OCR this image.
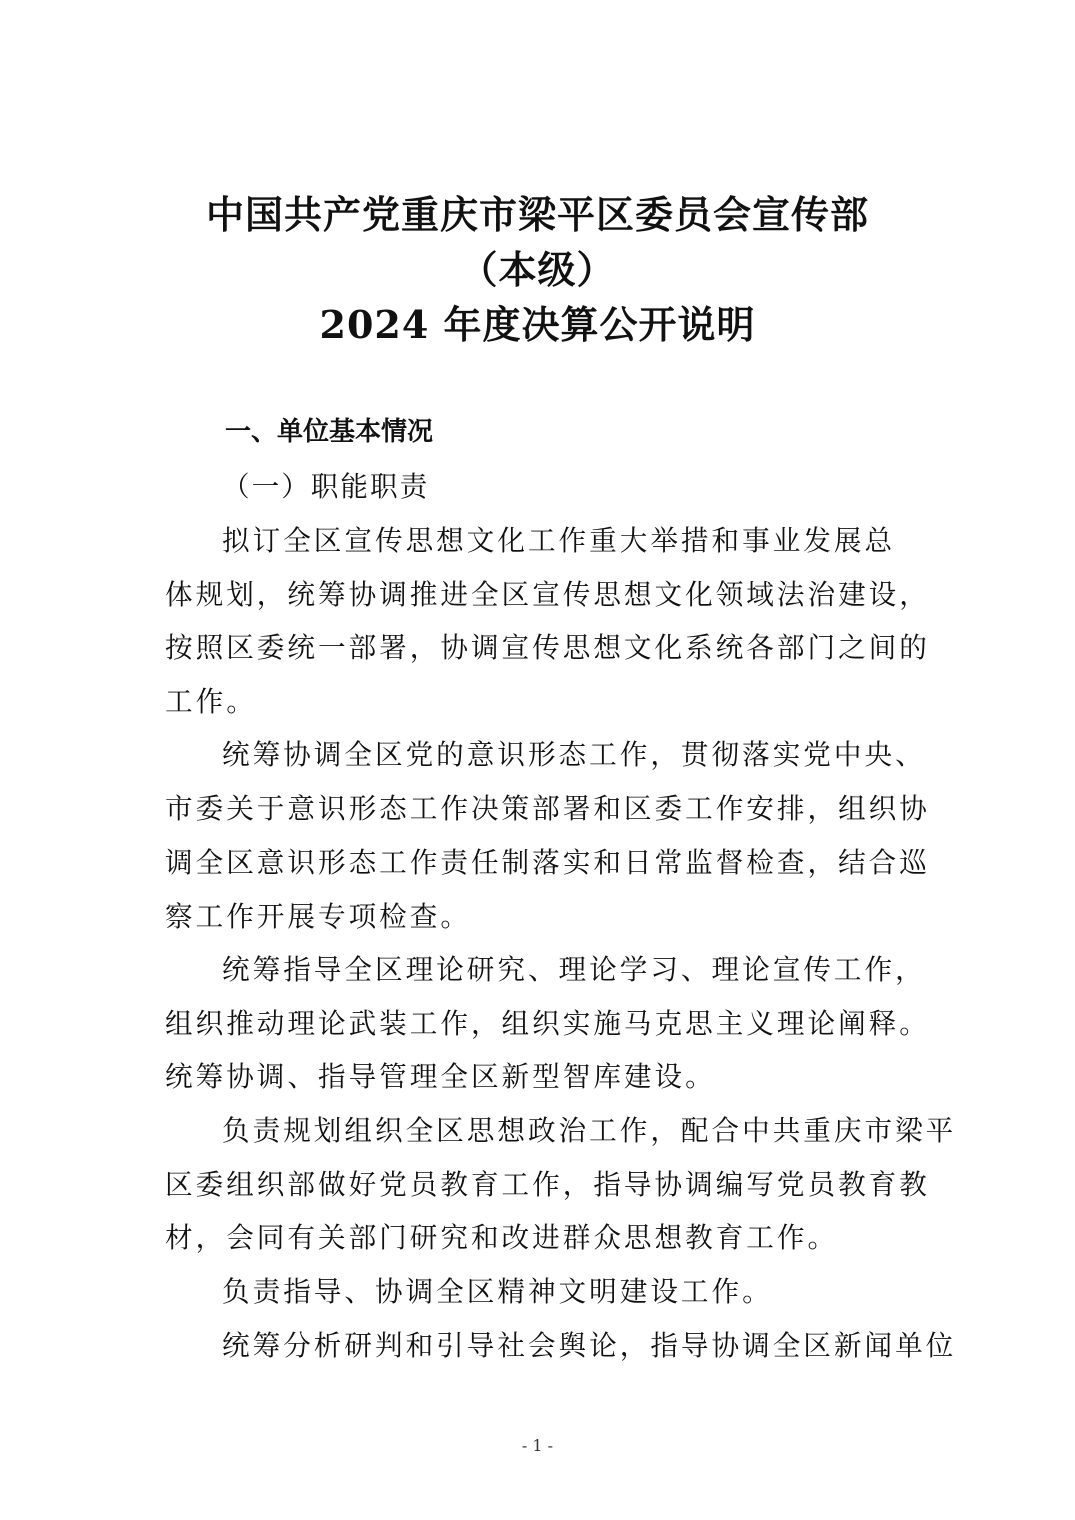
中国共产党重庆市梁平区委员会宣传部
（本级）
2024 年度决算公开说明
一、单位基本情况
（一）职能职责
拟订全区宣传思想文化工作重大举措和事业发展总
体规划，统筹协调推进全区宣传思想文化领域法治建设，
按照区委统一部署，协调宣传思想文化系统各部门之间的
工作。
统筹协调全区党的意识形态工作，贯彻落实党中央、
市委关于意识形态工作决策部署和区委工作安排，组织协
调全区意识形态工作责任制落实和日常监督检查，结合巡
察工作开展专项检查。
统筹指导全区理论研究、理论学习、理论宣传工作，
组织推动理论武装工作，组织实施马克思主义理论阐释。
统筹协调、指导管理全区新型智库建设。
负责规划组织全区思想政治工作，配合中共重庆市梁平
区委组织部做好党员教育工作，指导协调编写党员教育教
材，会同有关部门研究和改进群众思想教育工作。
负责指导、协调全区精神文明建设工作。
统筹分析研判和引导社会舆论，指导协调全区新闻单位
- 1 -
